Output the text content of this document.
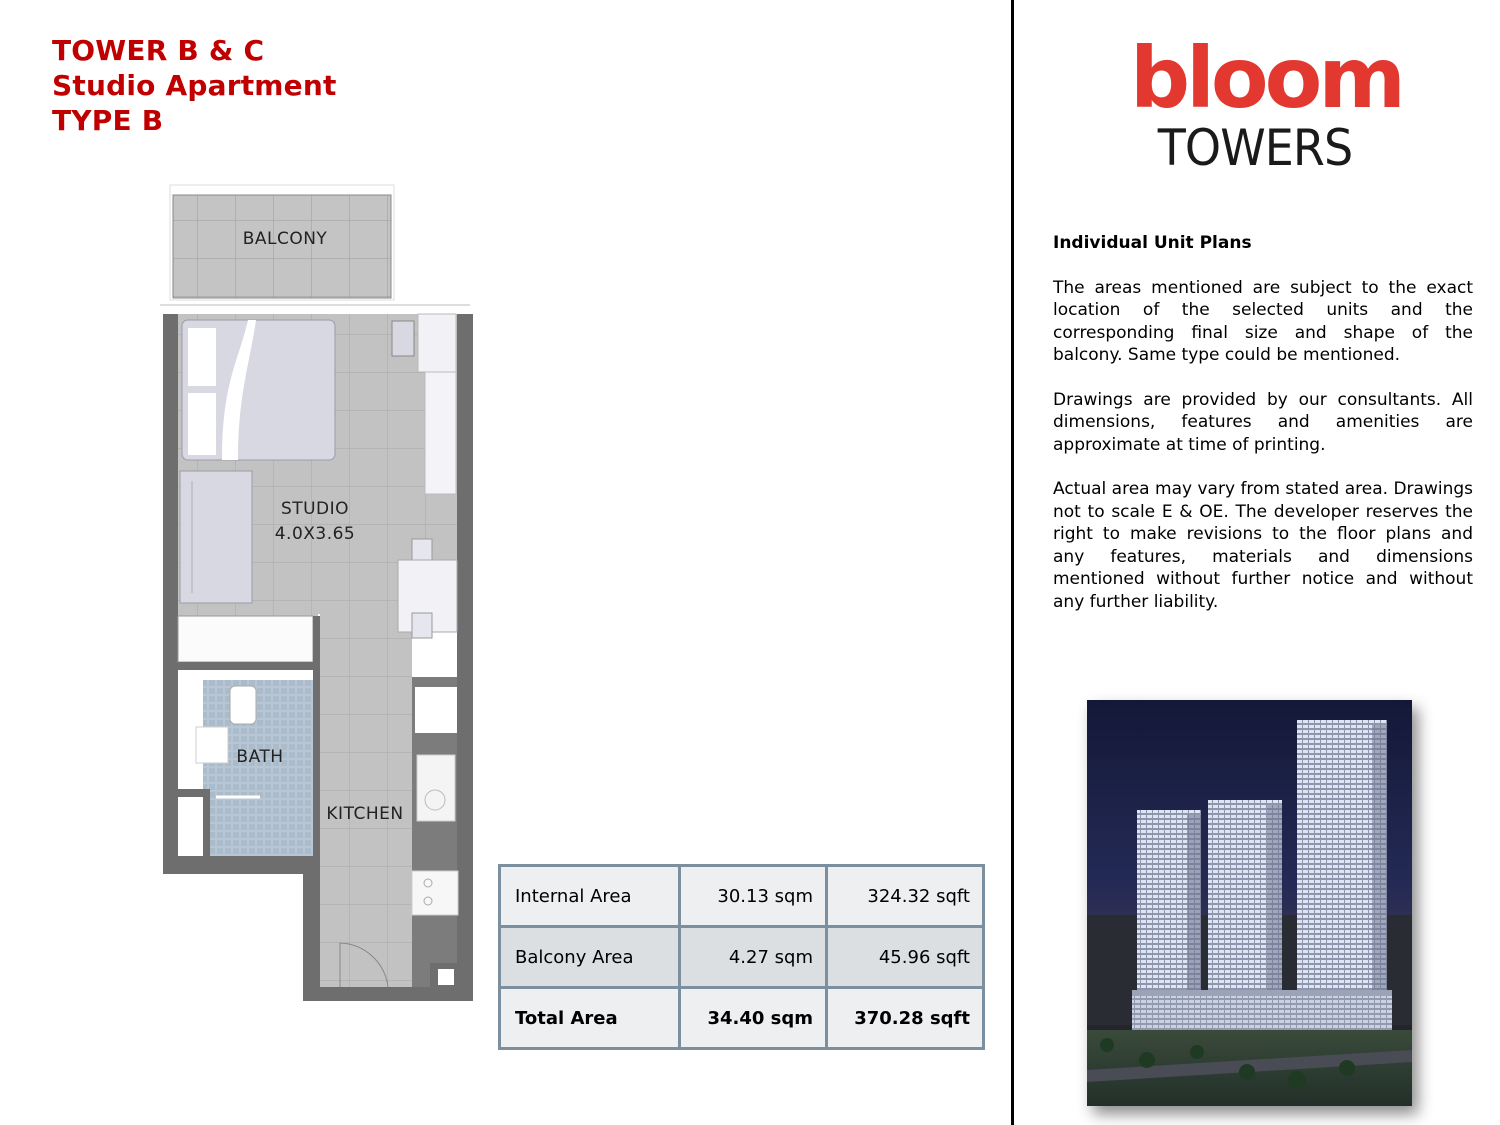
TOWER B & C
Studio Apartment
TYPE B
BALCONY
STUDIO
4.0X3.65
BATH
KITCHEN
Internal Area	30.13 sqm	324.32 sqft
Balcony Area	4.27 sqm	45.96 sqft
Total Area	34.40 sqm	370.28 sqft
bloom
TOWERS
Individual Unit Plans

The areas mentioned are subject to the exact location of the selected units and the corresponding final size and shape of the balcony. Same type could be mentioned.

Drawings are provided by our consultants. All dimensions, features and amenities are approximate at time of printing.

Actual area may vary from stated area. Drawings not to scale E & OE. The developer reserves the right to make revisions to the floor plans and any features, materials and dimensions mentioned without further notice and without any further liability.
